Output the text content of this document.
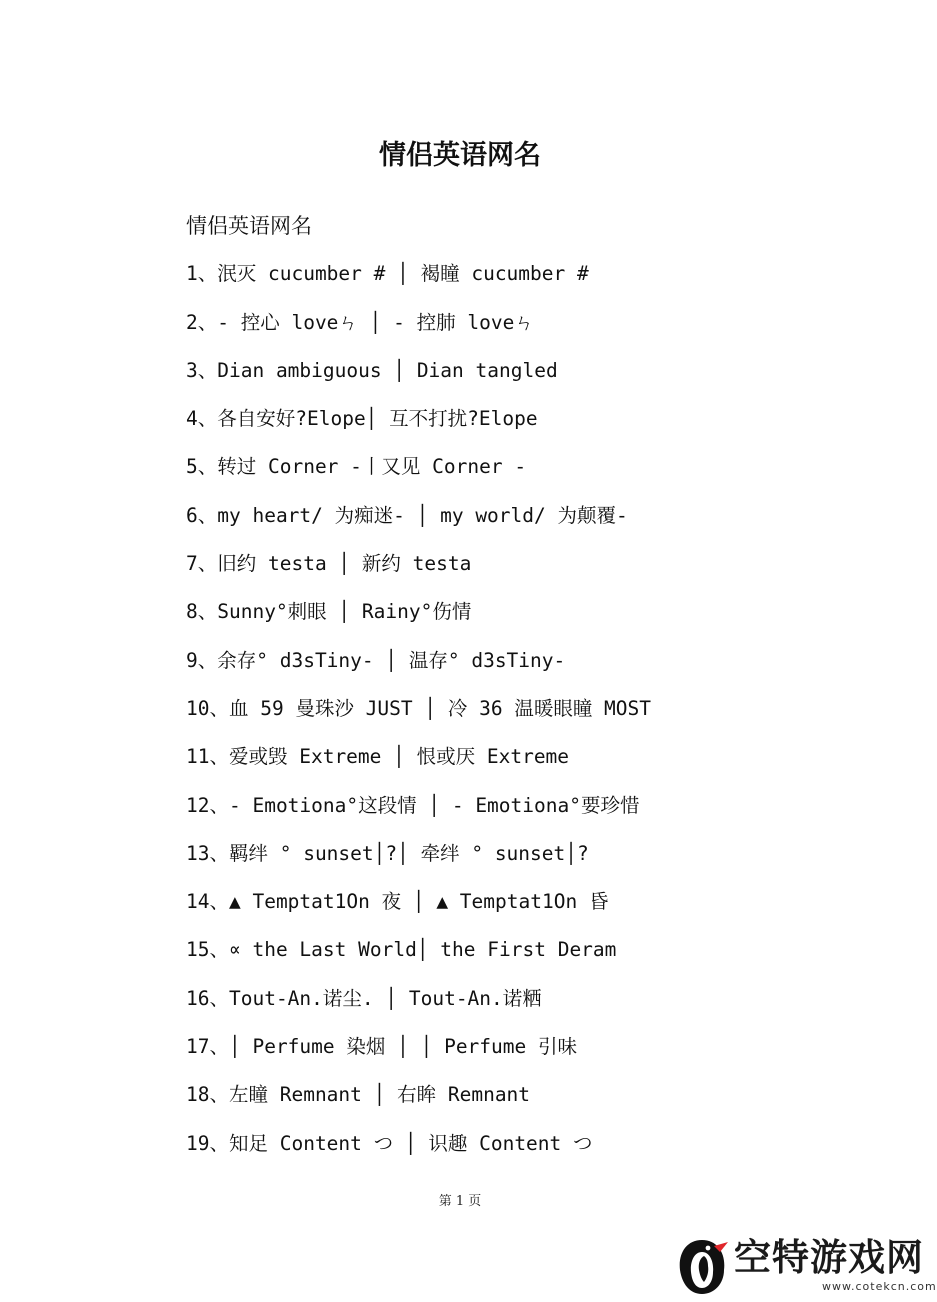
情侣英语网名
情侣英语网名
1、泯灭 cucumber # │ 褐瞳 cucumber #
2、- 控心 loveㄣ │ - 控肺 loveㄣ
3、Dian ambiguous │ Dian tangled
4、各自安好?Elope│ 互不打扰?Elope
5、转过 Corner -丨又见 Corner -
6、my heart/ 为痴迷- │ my world/ 为颠覆-
7、旧约 testa │ 新约 testa
8、Sunny°刺眼 │ Rainy°伤情
9、余存° d3sTiny- │ 温存° d3sTiny-
10、血 59 曼珠沙 JUST │ 冷 36 温暖眼瞳 MOST
11、爱或毁 Extreme │ 恨或厌 Extreme
12、- Emotiona°这段情 │ - Emotiona°要珍惜
13、羁绊 ° sunset│?│ 牵绊 ° sunset│?
14、▲ Temptat1On 夜 │ ▲ Temptat1On 昏
15、∝ the Last World│ the First Deram
16、Tout-An.诺尘. │ Tout-An.诺粞
17、│ Perfume 染烟 │ │ Perfume 引味
18、左瞳 Remnant │ 右眸 Remnant
19、知足 Content つ │ 识趣 Content つ
第 1 页
空特游戏网
www.cotekcn.com
